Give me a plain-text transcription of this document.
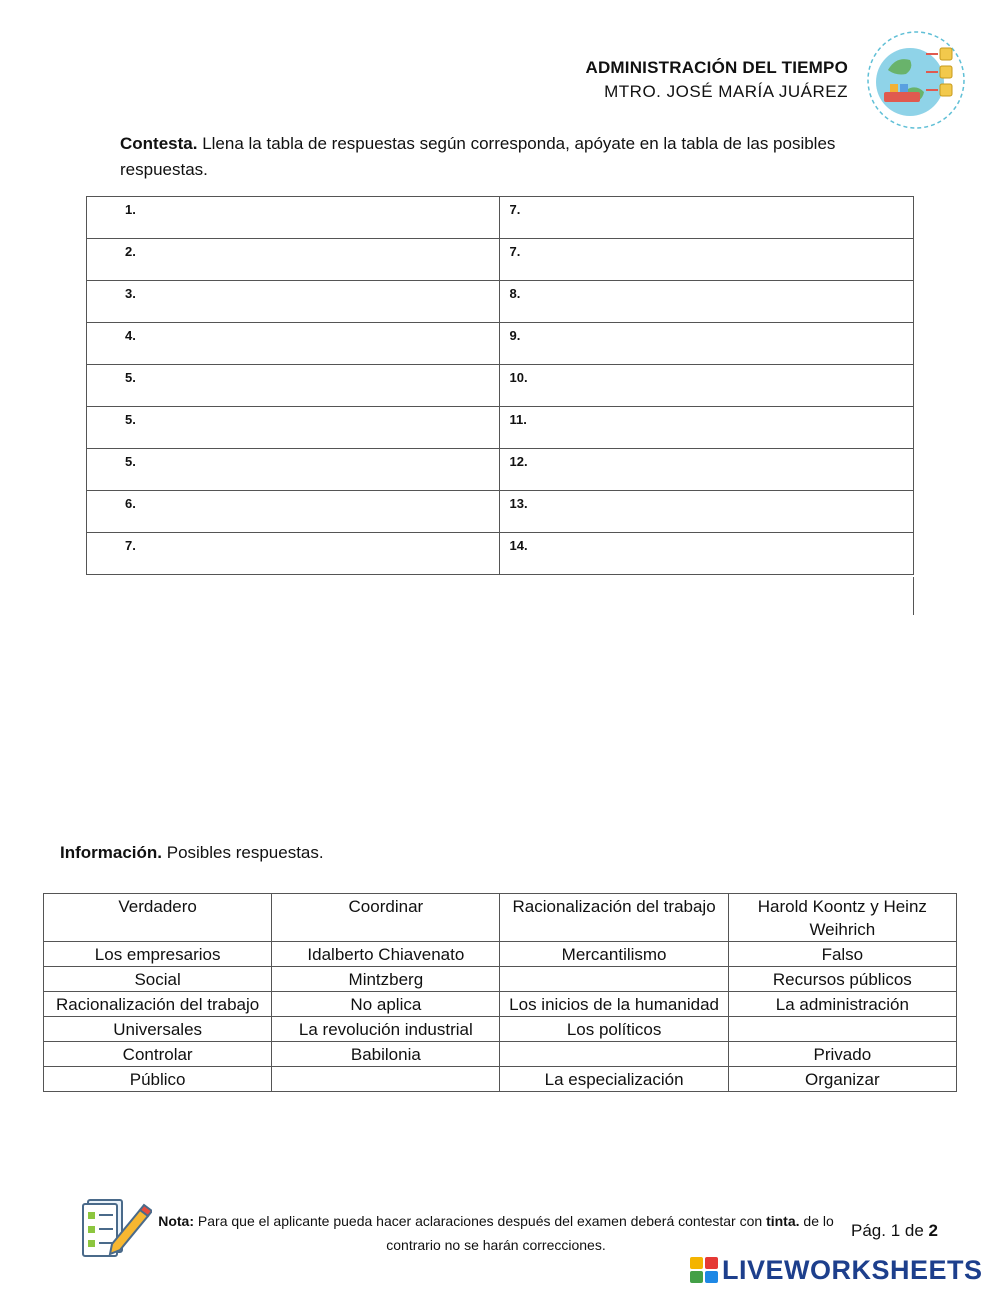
ADMINISTRACIÓN DEL TIEMPO
MTRO. JOSÉ MARÍA JUÁREZ
Contesta. Llena la tabla de respuestas según corresponda, apóyate en la tabla de las posibles respuestas.
1.	7.
2.	7.
3.	8.
4.	9.
5.	10.
5.	11.
5.	12.
6.	13.
7.	14.
Información. Posibles respuestas.
Verdadero	Coordinar	Racionalización del trabajo	Harold Koontz y Heinz Weihrich
Los empresarios	Idalberto Chiavenato	Mercantilismo	Falso
Social	Mintzberg		Recursos públicos
Racionalización del trabajo	No aplica	Los inicios de la humanidad	La administración
Universales	La revolución industrial	Los políticos	
Controlar	Babilonia		Privado
Público		La especialización	Organizar
Nota: Para que el aplicante pueda hacer aclaraciones después del examen deberá contestar con tinta. de lo contrario no se harán correcciones.
Pág. 1 de 2
LIVEWORKSHEETS
